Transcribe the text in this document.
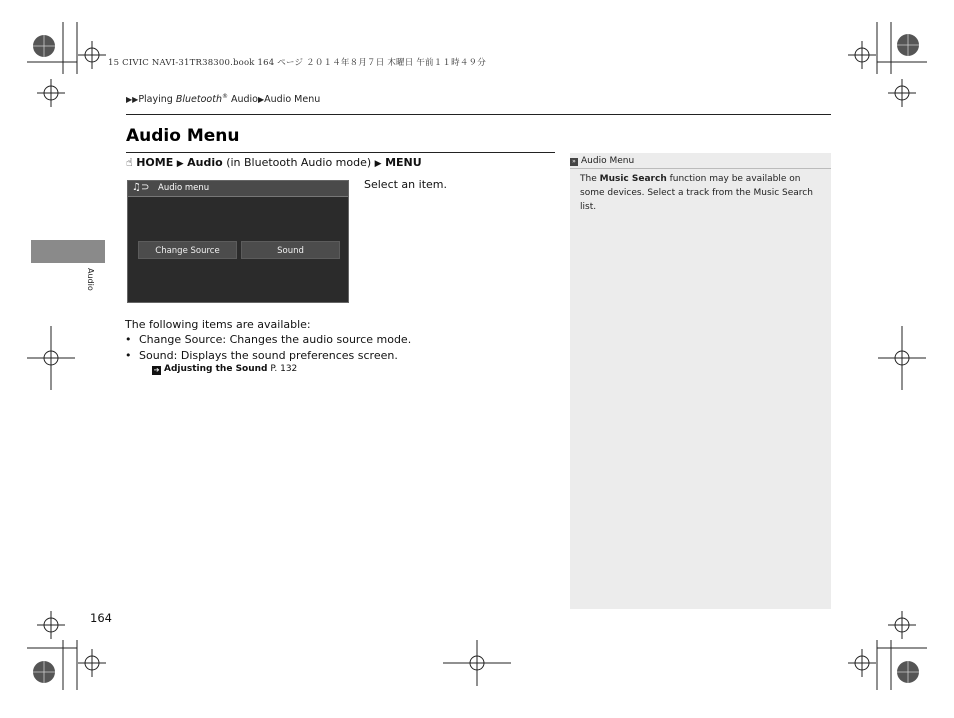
15 CIVIC NAVI-31TR38300.book 164 ページ ２０１４年８月７日 木曜日 午前１１時４９分
▶▶Playing Bluetooth® Audio▶Audio Menu
Audio Menu
☝ HOME ▶ Audio (in Bluetooth Audio mode) ▶ MENU
♫⊃ Audio menu
Change Source	Sound
Select an item.
The following items are available:
• Change Source: Changes the audio source mode.
• Sound: Displays the sound preferences screen.
➔ Adjusting the Sound P. 132
» Audio Menu
The Music Search function may be available on some devices. Select a track from the Music Search list.
Audio
164
